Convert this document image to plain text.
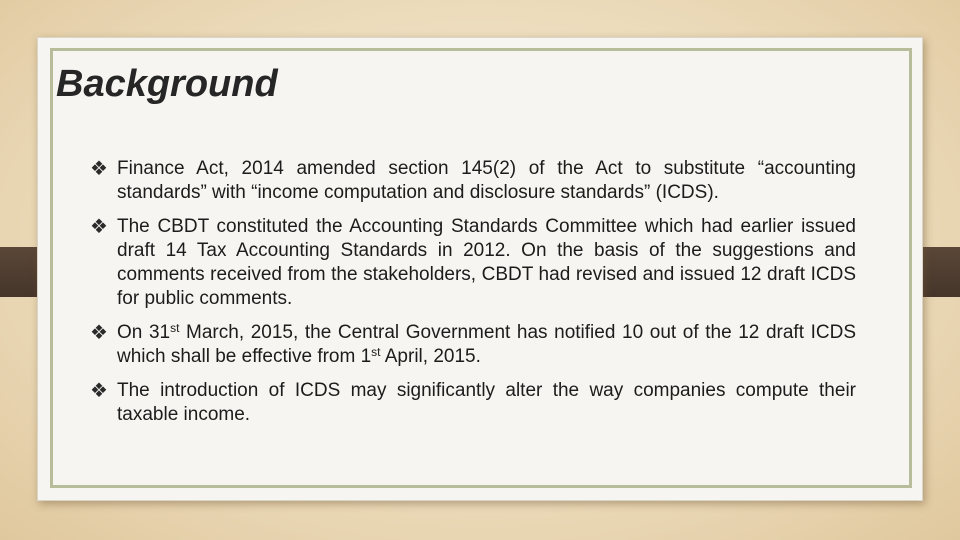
Background
❖ Finance Act, 2014 amended section 145(2) of the Act to substitute “accounting standards” with “income computation and disclosure standards” (ICDS).
❖ The CBDT constituted the Accounting Standards Committee which had earlier issued draft 14 Tax Accounting Standards in 2012. On the basis of the suggestions and comments received from the stakeholders, CBDT had revised and issued 12 draft ICDS for public comments.
❖ On 31st March, 2015, the Central Government has notified 10 out of the 12 draft ICDS which shall be effective from 1st April, 2015.
❖ The introduction of ICDS may significantly alter the way companies compute their taxable income.
